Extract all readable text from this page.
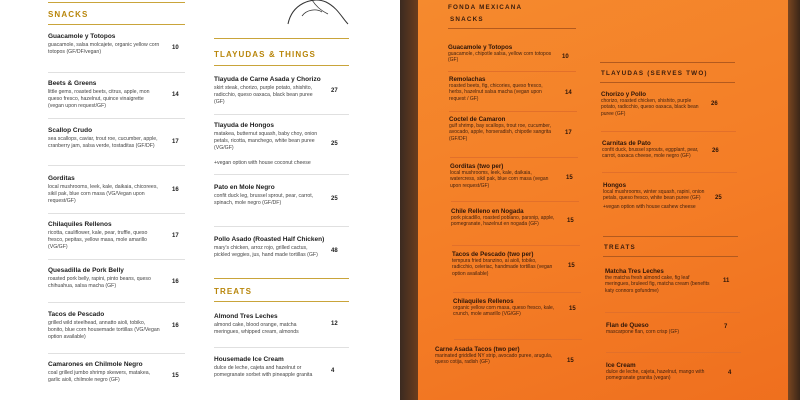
SNACKS
Guacamole y Totopos
guacamole, salsa molcajete, organic yellow corn totopos (GF/DF/vegan)
10
Beets & Greens
little gems, roasted beets, citrus, apple, mon queso fresco, hazelnut, quince vinaigrette (vegan upon request/GF)
14
Scallop Crudo
sea scallops, caviar, trout roe, cucumber, apple, cranberry jam, salsa verde, tostaditas (GF/DF)
17
Gorditas
local mushrooms, leek, kale, daikaia, chicorees, sikil pak, blue corn masa (VG/Vegan upon request/GF)
16
Chilaquiles Rellenos
ricotta, cauliflower, kale, pear, truffle, queso fresco, pepitas, yellow masa, mole amarillo (VG/GF)
17
Quesadilla de Pork Belly
roasted pork belly, rapini, pinto beans, queso chihuahua, salsa macha (GF)
16
Tacos de Pescado
grilled wild steelhead, annatto aioli, tobiko, bonito, blue corn housemade tortillas (VG/Vegan option available)
16
Camarones en Chilmole Negro
coal grilled jumbo shrimp skewers, matakea, garlic aioli, chilmole negro (GF)
15
TLAYUDAS & THINGS
Tlayuda de Carne Asada y Chorizo
skirt steak, chorizo, purple potato, shishito, radicchio, queso oaxaca, black bean puree (GF)
27
Tlayuda de Hongos
matakea, butternut squash, baby choy, onion petals, ricotta, manchego, white bean puree (VG/GF)
25
+vegan option with house coconut cheese
Pato en Mole Negro
confit duck leg, brussel sprout, pear, carrot, spinach, mole negro (GF/DF)
25
Pollo Asado (Roasted Half Chicken)
mary's chicken, arroz rojo, grilled cactus, pickled veggies, jus, hand made tortillas (GF)
48
TREATS
Almond Tres Leches
almond cake, blood orange, matcha meringues, whipped cream, almonds
12
Housemade Ice Cream
dulce de leche, cajeta and hazelnut or pomegranate sorbet with pineapple granita
4
FONDA MEXICANA
SNACKS
Guacamole y Totopos
guacamole, chipotle salsa, yellow corn totopos (GF)
10
Remolachas
roasted beets, fig, chicories, queso fresco, herbs, hazelnut salsa macha (vegan upon request / GF)
14
Coctel de Camaron
gulf shrimp, bay scallops, trout roe, cucumber, avocado, apple, horseradish, chipotle sangrita (GF/DF)
17
Gorditas (two per)
local mushrooms, leek, kale, daikaia, watercress, sikil pak, blue corn masa (vegan upon request/GF)
15
Chile Relleno en Nogada
pork picadillo, roasted poblano, parsnip, apple, pomegranate, hazelnut en nogada (GF)
15
Tacos de Pescado (two per)
tempura fried branzino, ai aioli, tobiko, radicchio, celeriac, handmade tortillas (vegan option available)
15
Chilaquiles Rellenos
organic yellow corn masa, queso fresco, kale, crunch, mole amarillo (VG/GF)
15
Carne Asada Tacos (two per)
marinated griddled NY strip, avocado puree, arugula, queso cotija, radish (GF)	15
TLAYUDAS (SERVES TWO)
Chorizo y Pollo
chorizo, roasted chicken, shishito, purple potato, radicchio, queso oaxaca, black bean puree (GF)
26
Carnitas de Pato
confit duck, brussel sprouts, eggplant, pear, carrot, oaxaca cheese, mole negro (GF)
26
Hongos
local mushrooms, winter squash, rapini, onion petals, queso fresco, white bean puree (GF)	25
+vegan option with house cashew cheese
TREATS
Matcha Tres Leches
the matcha fresh almond cake, fig leaf meringues, bruleed fig, matcha cream (benefits katy connors gofundme)
11
Flan de Queso
mascarpone flan, corn crisp (GF)
7
Ice Cream
dulce de leche, cajeta, hazelnut, mango with pomegranate granita (vegan)
4
